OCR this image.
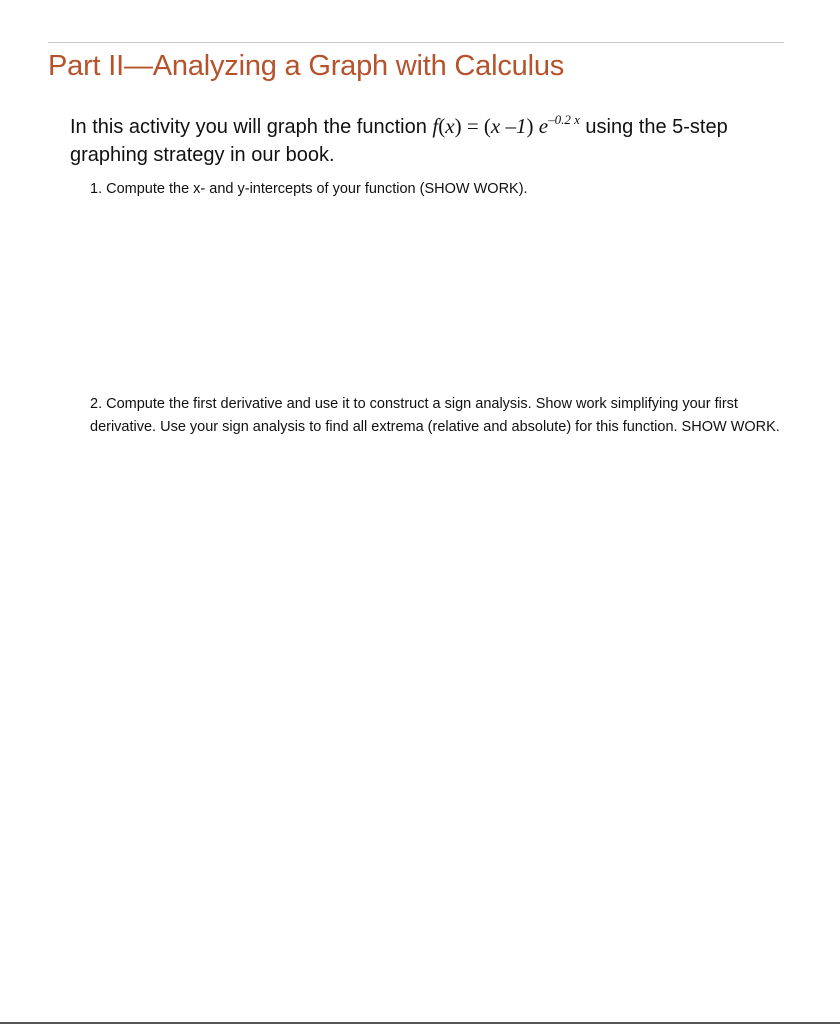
Part II—Analyzing a Graph with Calculus

In this activity you will graph the function f(x) = (x –1) $e^{-0.2 x}$ using the 5-step graphing strategy in our book.

1. Compute the x- and y-intercepts of your function (SHOW WORK).

2. Compute the first derivative and use it to construct a sign analysis. Show work simplifying your first derivative. Use your sign analysis to find all extrema (relative and absolute) for this function. SHOW WORK.
